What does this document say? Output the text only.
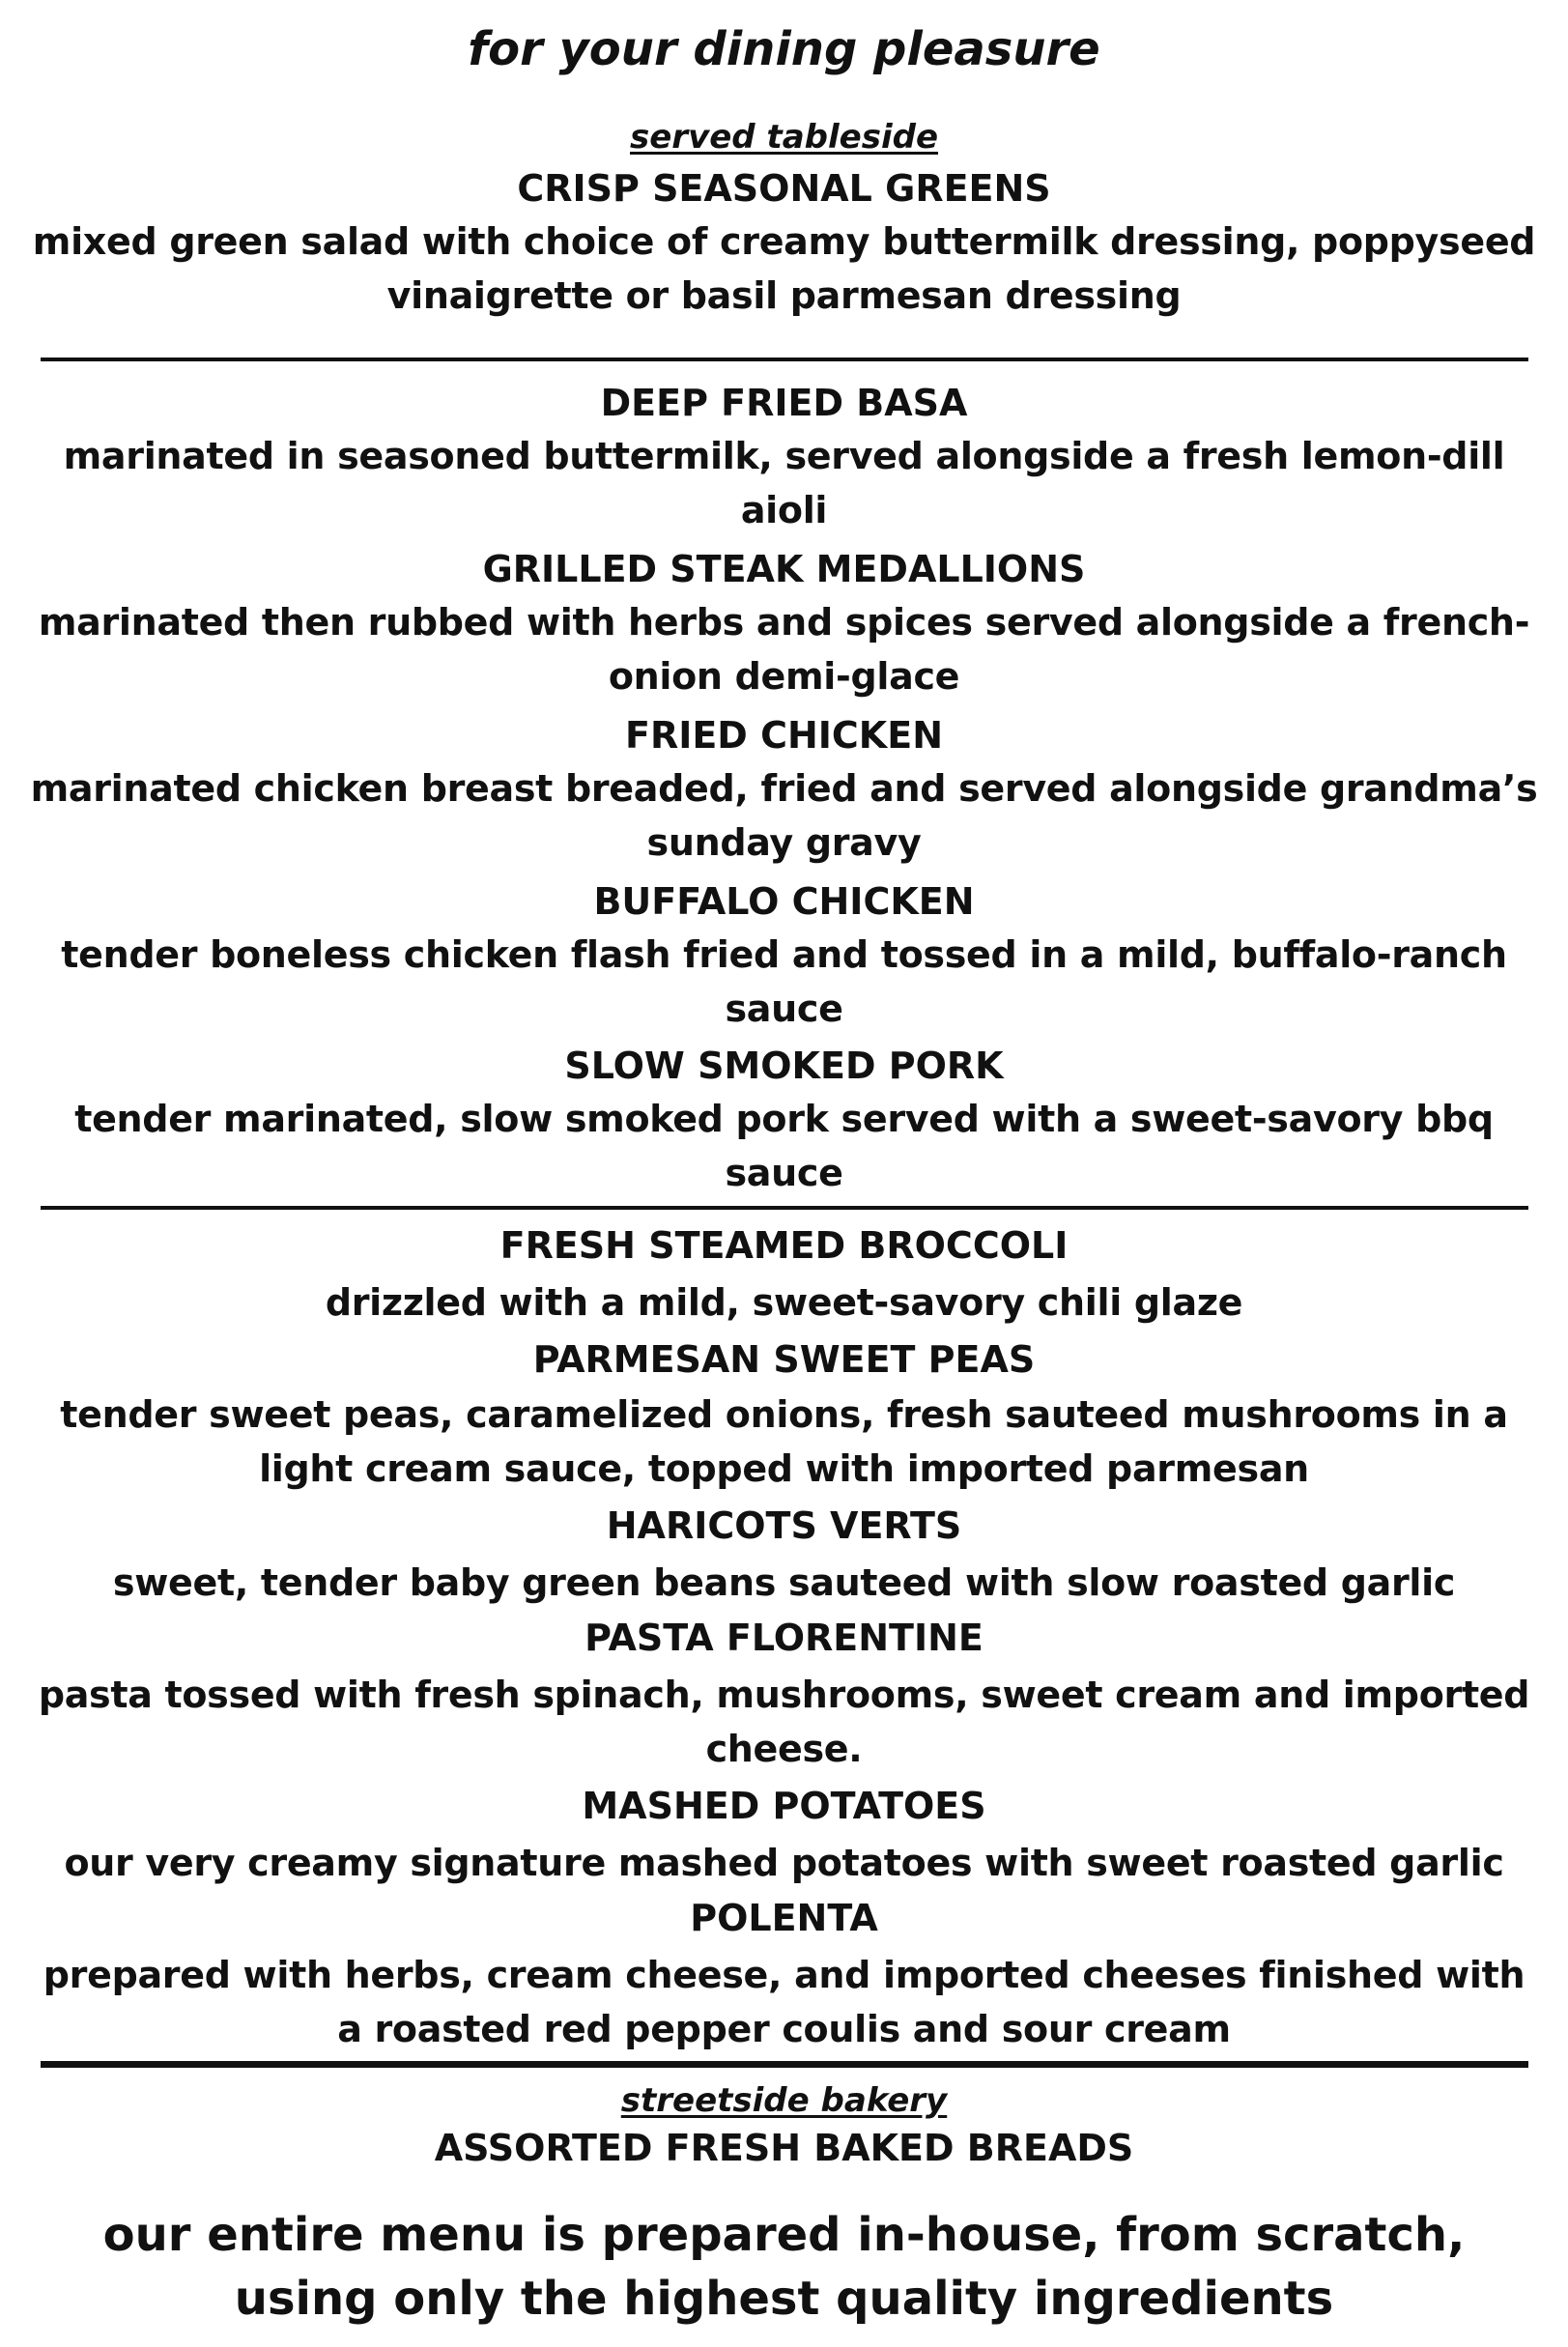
for your dining pleasure
served tableside
CRISP SEASONAL GREENS
mixed green salad with choice of creamy buttermilk dressing, poppyseed
vinaigrette or basil parmesan dressing
DEEP FRIED BASA
marinated in seasoned buttermilk, served alongside a fresh lemon-dill
aioli
GRILLED STEAK MEDALLIONS
marinated then rubbed with herbs and spices served alongside a french-
onion demi-glace
FRIED CHICKEN
marinated chicken breast breaded, fried and served alongside grandma’s
sunday gravy
BUFFALO CHICKEN
tender boneless chicken flash fried and tossed in a mild, buffalo-ranch
sauce
SLOW SMOKED PORK
tender marinated, slow smoked pork served with a sweet-savory bbq
sauce
FRESH STEAMED BROCCOLI
drizzled with a mild, sweet-savory chili glaze
PARMESAN SWEET PEAS
tender sweet peas, caramelized onions, fresh sauteed mushrooms in a
light cream sauce, topped with imported parmesan
HARICOTS VERTS
sweet, tender baby green beans sauteed with slow roasted garlic
PASTA FLORENTINE
pasta tossed with fresh spinach, mushrooms, sweet cream and imported
cheese.
MASHED POTATOES
our very creamy signature mashed potatoes with sweet roasted garlic
POLENTA
prepared with herbs, cream cheese, and imported cheeses finished with
a roasted red pepper coulis and sour cream
streetside bakery
ASSORTED FRESH BAKED BREADS
our entire menu is prepared in-house, from scratch,
using only the highest quality ingredients
